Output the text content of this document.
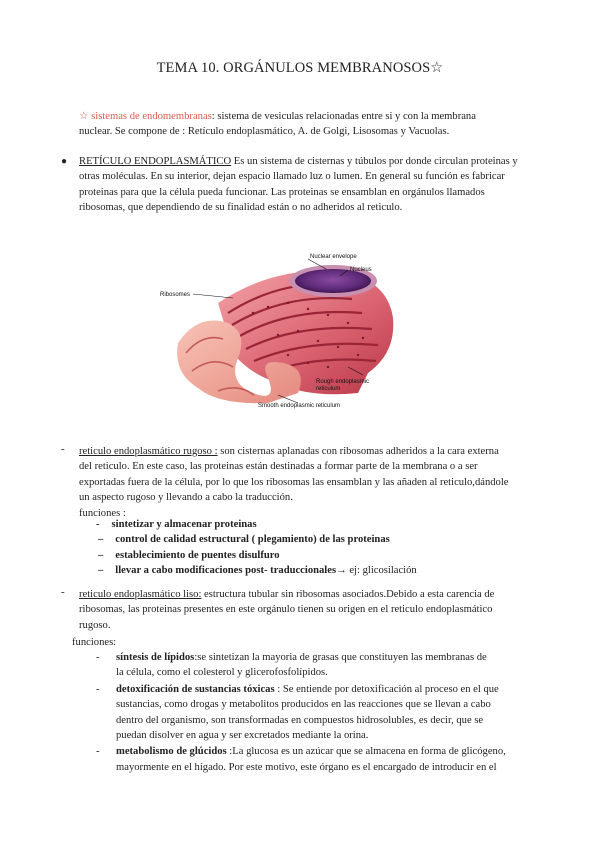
TEMA 10. ORGÁNULOS MEMBRANOSOS☆
☆ sistemas de endomembranas: sistema de vesiculas relacionadas entre si y con la membrana
nuclear. Se compone de : Retículo endoplasmático, A. de Golgi, Lisosomas y Vacuolas.
● RETÍCULO ENDOPLASMÁTICO Es un sistema de cisternas y túbulos por donde circulan proteinas y
otras moléculas. En su interior, dejan espacio llamado luz o lumen. En general su función es fabricar
proteinas para que la célula pueda funcionar. Las proteinas se ensamblan en orgánulos llamados
ribosomas, que dependiendo de su finalidad están o no adheridos al reticulo.
Nuclear envelope
Nucleus
Ribosomes
Rough endoplasmic
reticulum
Smooth endoplasmic reticulum
- reticulo endoplasmático rugoso : son cisternas aplanadas con ribosomas adheridos a la cara externa
del reticulo. En este caso, las proteinas están destinadas a formar parte de la membrana o a ser
exportadas fuera de la célula, por lo que los ribosomas las ensamblan y las añaden al reticulo,dándole
un aspecto rugoso y llevando a cabo la traducción.
funciones :
- sintetizar y almacenar proteinas
– control de calidad estructural ( plegamiento) de las proteinas
– establecimiento de puentes disulfuro
– llevar a cabo modificaciones post- traduccionales→ ej: glicosilación
- reticulo endoplasmático liso: estructura tubular sin ribosomas asociados.Debido a esta carencia de
ribosomas, las proteinas presentes en este orgánulo tienen su origen en el reticulo endoplasmático
rugoso.
funciones:
- síntesis de lípidos:se sintetizan la mayoria de grasas que constituyen las membranas de
la célula, como el colesterol y glicerofosfolípidos.
- detoxificación de sustancias tóxicas : Se entiende por detoxificación al proceso en el que
sustancias, como drogas y metabolitos producidos en las reacciones que se llevan a cabo
dentro del organismo, son transformadas en compuestos hidrosolubles, es decir, que se
puedan disolver en agua y ser excretados mediante la orina.
- metabolismo de glúcidos :La glucosa es un azúcar que se almacena en forma de glicógeno,
mayormente en el hígado. Por este motivo, este órgano es el encargado de introducir en el
